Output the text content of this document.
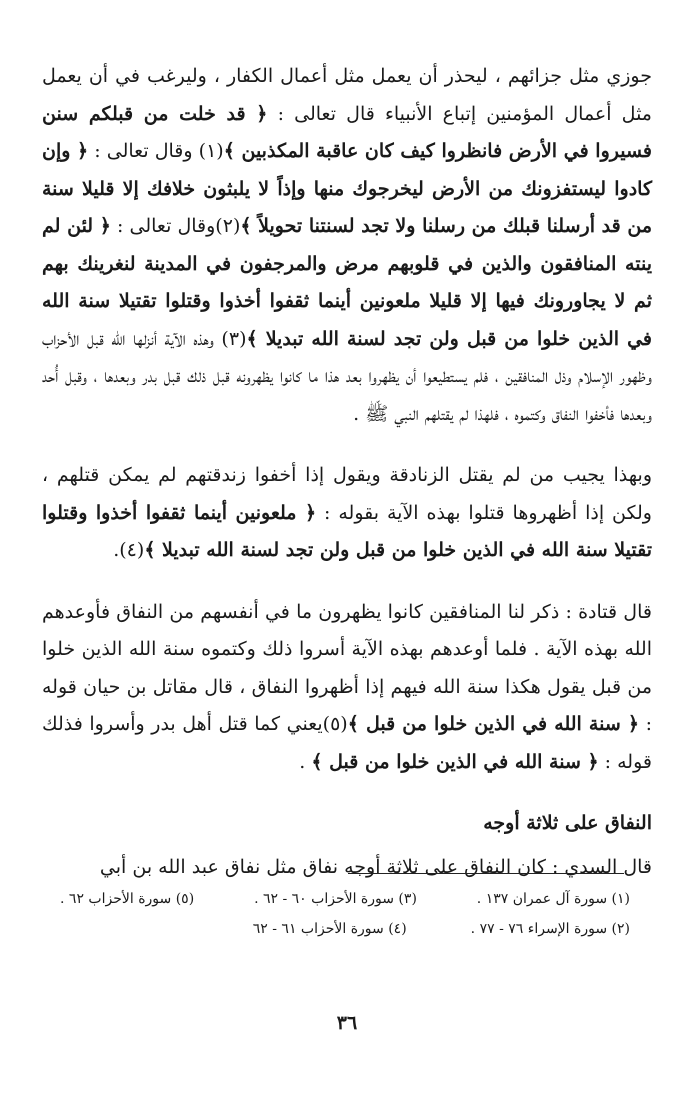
جوزي مثل جزائهم ، ليحذر أن يعمل مثل أعمال الكفار ، وليرغب في أن يعمل مثل أعمال المؤمنين إتباع الأنبياء قال تعالى : ﴿ قد خلت من قبلكم سنن فسيروا في الأرض فانظروا كيف كان عاقبة المكذبين ﴾(١) وقال تعالى : ﴿ وإن كادوا ليستفزونك من الأرض ليخرجوك منها وإذاً لا يلبثون خلافك إلا قليلا سنة من قد أرسلنا قبلك من رسلنا ولا تجد لسنتنا تحويلاً ﴾(٢)وقال تعالى : ﴿ لئن لم ينته المنافقون والذين في قلوبهم مرض والمرجفون في المدينة لنغرينك بهم ثم لا يجاورونك فيها إلا قليلا ملعونين أينما ثقفوا أخذوا وقتلوا تقتيلا سنة الله في الذين خلوا من قبل ولن تجد لسنة الله تبديلا ﴾(٣) وهذه الآية أنزلها الله قبل الأحزاب وظهور الإسلام وذل المنافقين ، فلم يستطيعوا أن يظهروا بعد هذا ما كانوا يظهرونه قبل ذلك قبل بدر وبعدها ، وقبل أُحد وبعدها فأخفوا النفاق وكتموه ، فلهذا لم يقتلهم النبي ﷺ .

وبهذا يجيب من لم يقتل الزنادقة ويقول إذا أخفوا زندقتهم لم يمكن قتلهم ، ولكن إذا أظهروها قتلوا بهذه الآية بقوله : ﴿ ملعونين أينما ثقفوا أخذوا وقتلوا تقتيلا سنة الله في الذين خلوا من قبل ولن تجد لسنة الله تبديلا ﴾(٤).

قال قتادة : ذكر لنا المنافقين كانوا يظهرون ما في أنفسهم من النفاق فأوعدهم الله بهذه الآية . فلما أوعدهم بهذه الآية أسروا ذلك وكتموه سنة الله الذين خلوا من قبل يقول هكذا سنة الله فيهم إذا أظهروا النفاق ، قال مقاتل بن حيان قوله : ﴿ سنة الله في الذين خلوا من قبل ﴾(٥)يعني كما قتل أهل بدر وأسروا فذلك قوله : ﴿ سنة الله في الذين خلوا من قبل ﴾ .

النفاق على ثلاثة أوجه

قال السدي : كان النفاق على ثلاثة أوجه نفاق مثل نفاق عبد الله بن أبي

(١) سورة آل عمران ١٣٧ .
(٣) سورة الأحزاب ٦٠ - ٦٢ .
(٥) سورة الأحزاب ٦٢ .
(٢) سورة الإسراء ٧٦ - ٧٧ .
(٤) سورة الأحزاب ٦١ - ٦٢
٣٦
